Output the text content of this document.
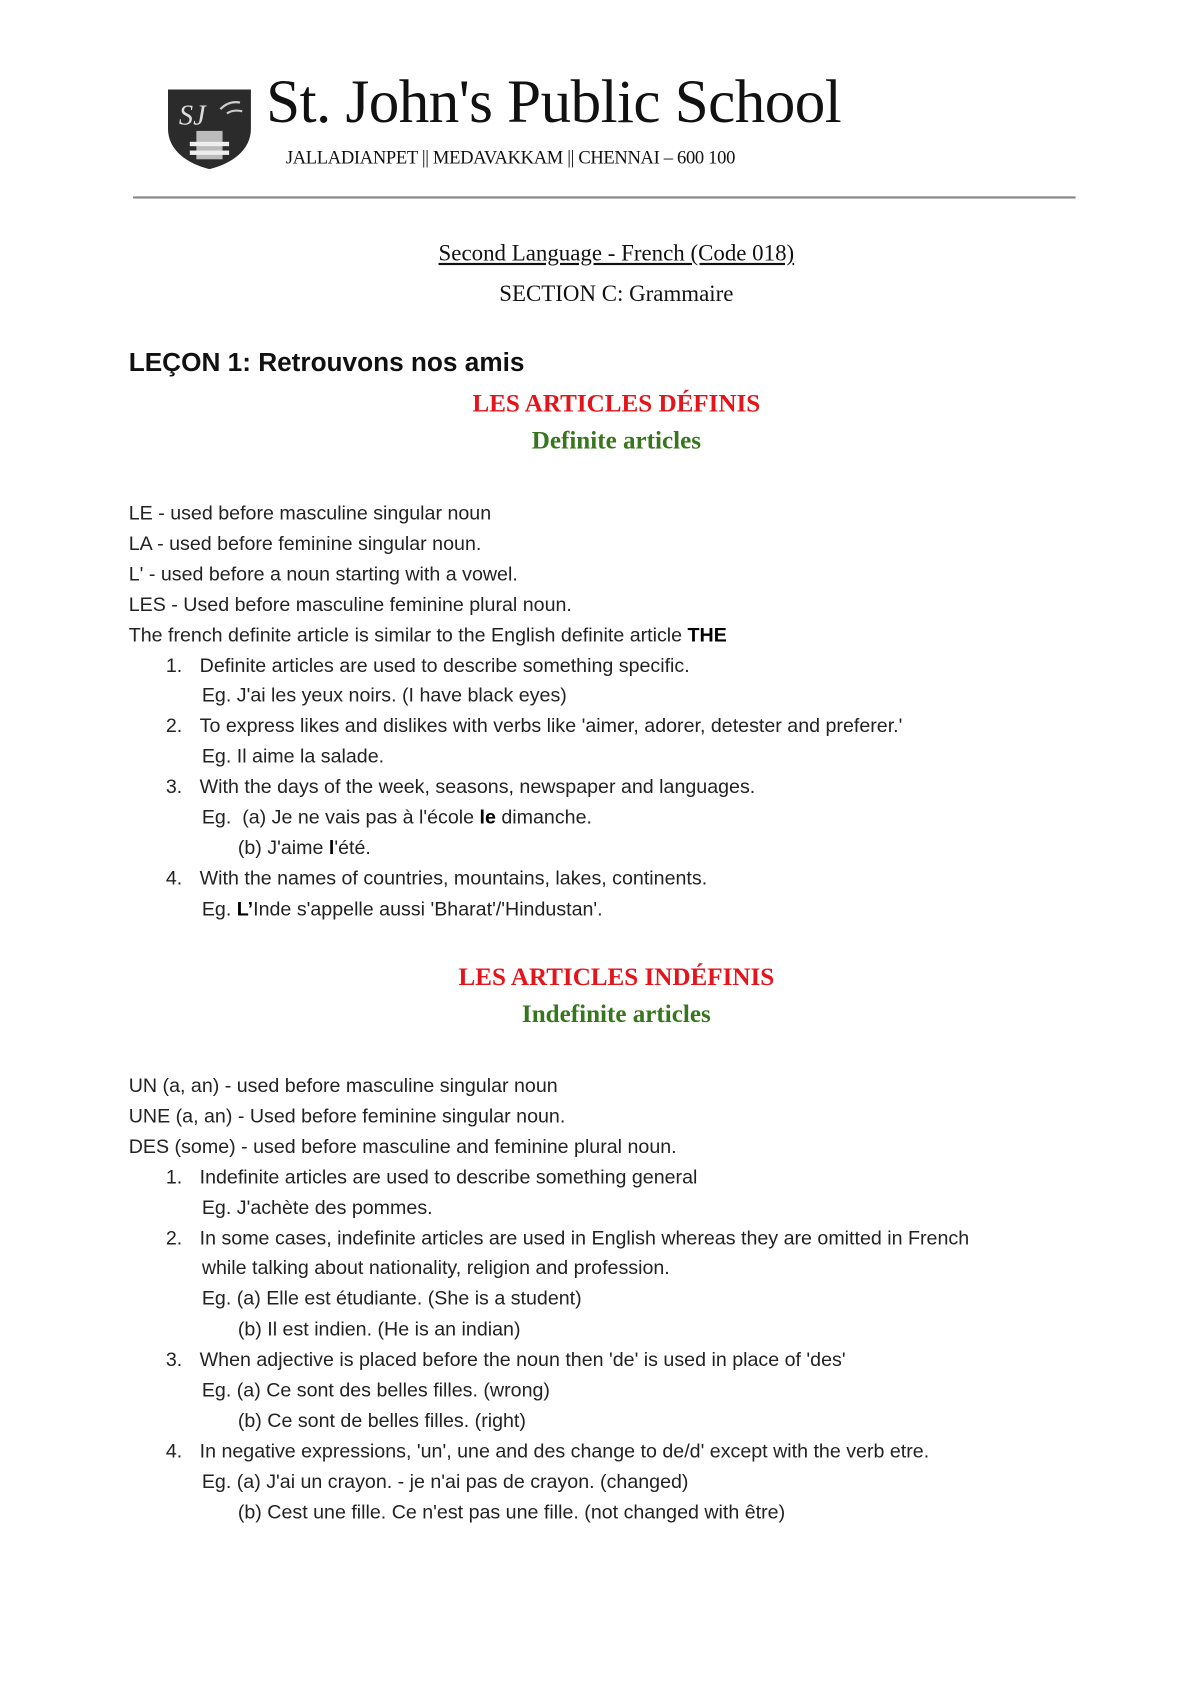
SJ St. John's Public School
JALLADIANPET || MEDAVAKKAM || CHENNAI – 600 100
Second Language - French (Code 018)
SECTION C: Grammaire
LEÇON 1: Retrouvons nos amis
LES ARTICLES DÉFINIS
Definite articles
LE - used before masculine singular noun
LA - used before feminine singular noun.
L' - used before a noun starting with a vowel.
LES - Used before masculine feminine plural noun.
The french definite article is similar to the English definite article THE
1. Definite articles are used to describe something specific.
Eg. J'ai les yeux noirs. (I have black eyes)
2. To express likes and dislikes with verbs like 'aimer, adorer, detester and preferer.'
Eg. Il aime la salade.
3. With the days of the week, seasons, newspaper and languages.
Eg.  (a) Je ne vais pas à l'école le dimanche.
(b) J'aime l'été.
4. With the names of countries, mountains, lakes, continents.
Eg. L’Inde s'appelle aussi 'Bharat'/'Hindustan'.
LES ARTICLES INDÉFINIS
Indefinite articles
UN (a, an) - used before masculine singular noun
UNE (a, an) - Used before feminine singular noun.
DES (some) - used before masculine and feminine plural noun.
1. Indefinite articles are used to describe something general
Eg. J'achète des pommes.
2. In some cases, indefinite articles are used in English whereas they are omitted in French
while talking about nationality, religion and profession.
Eg. (a) Elle est étudiante. (She is a student)
(b) Il est indien. (He is an indian)
3. When adjective is placed before the noun then 'de' is used in place of 'des'
Eg. (a) Ce sont des belles filles. (wrong)
(b) Ce sont de belles filles. (right)
4. In negative expressions, 'un', une and des change to de/d' except with the verb etre.
Eg. (a) J'ai un crayon. - je n'ai pas de crayon. (changed)
(b) Cest une fille. Ce n'est pas une fille. (not changed with être)
